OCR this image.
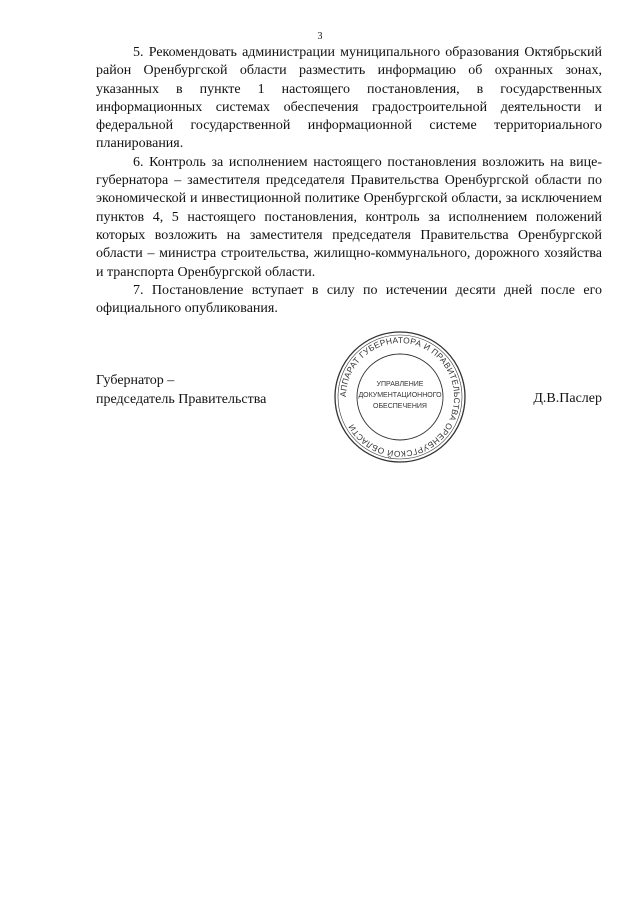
3

5. Рекомендовать администрации муниципального образования Октябрьский район Оренбургской области разместить информацию об охранных зонах, указанных в пункте 1 настоящего постановления, в государственных информационных системах обеспечения градостроительной деятельности и федеральной государственной информационной системе территориального планирования.

6. Контроль за исполнением настоящего постановления возложить на вице-губернатора – заместителя председателя Правительства Оренбургской области по экономической и инвестиционной политике Оренбургской области, за исключением пунктов 4, 5 настоящего постановления, контроль за исполнением положений которых возложить на заместителя председателя Правительства Оренбургской области – министра строительства, жилищно-коммунального, дорожного хозяйства и транспорта Оренбургской области.

7. Постановление вступает в силу по истечении десяти дней после его официального опубликования.

АППАРАТ ГУБЕРНАТОРА И ПРАВИТЕЛЬСТВА ОРЕНБУРГСКОЙ ОБЛАСТИ
УПРАВЛЕНИЕ
ДОКУМЕНТАЦИОННОГО
ОБЕСПЕЧЕНИЯ
Губернатор –
председатель Правительства	Д.В.Паслер
